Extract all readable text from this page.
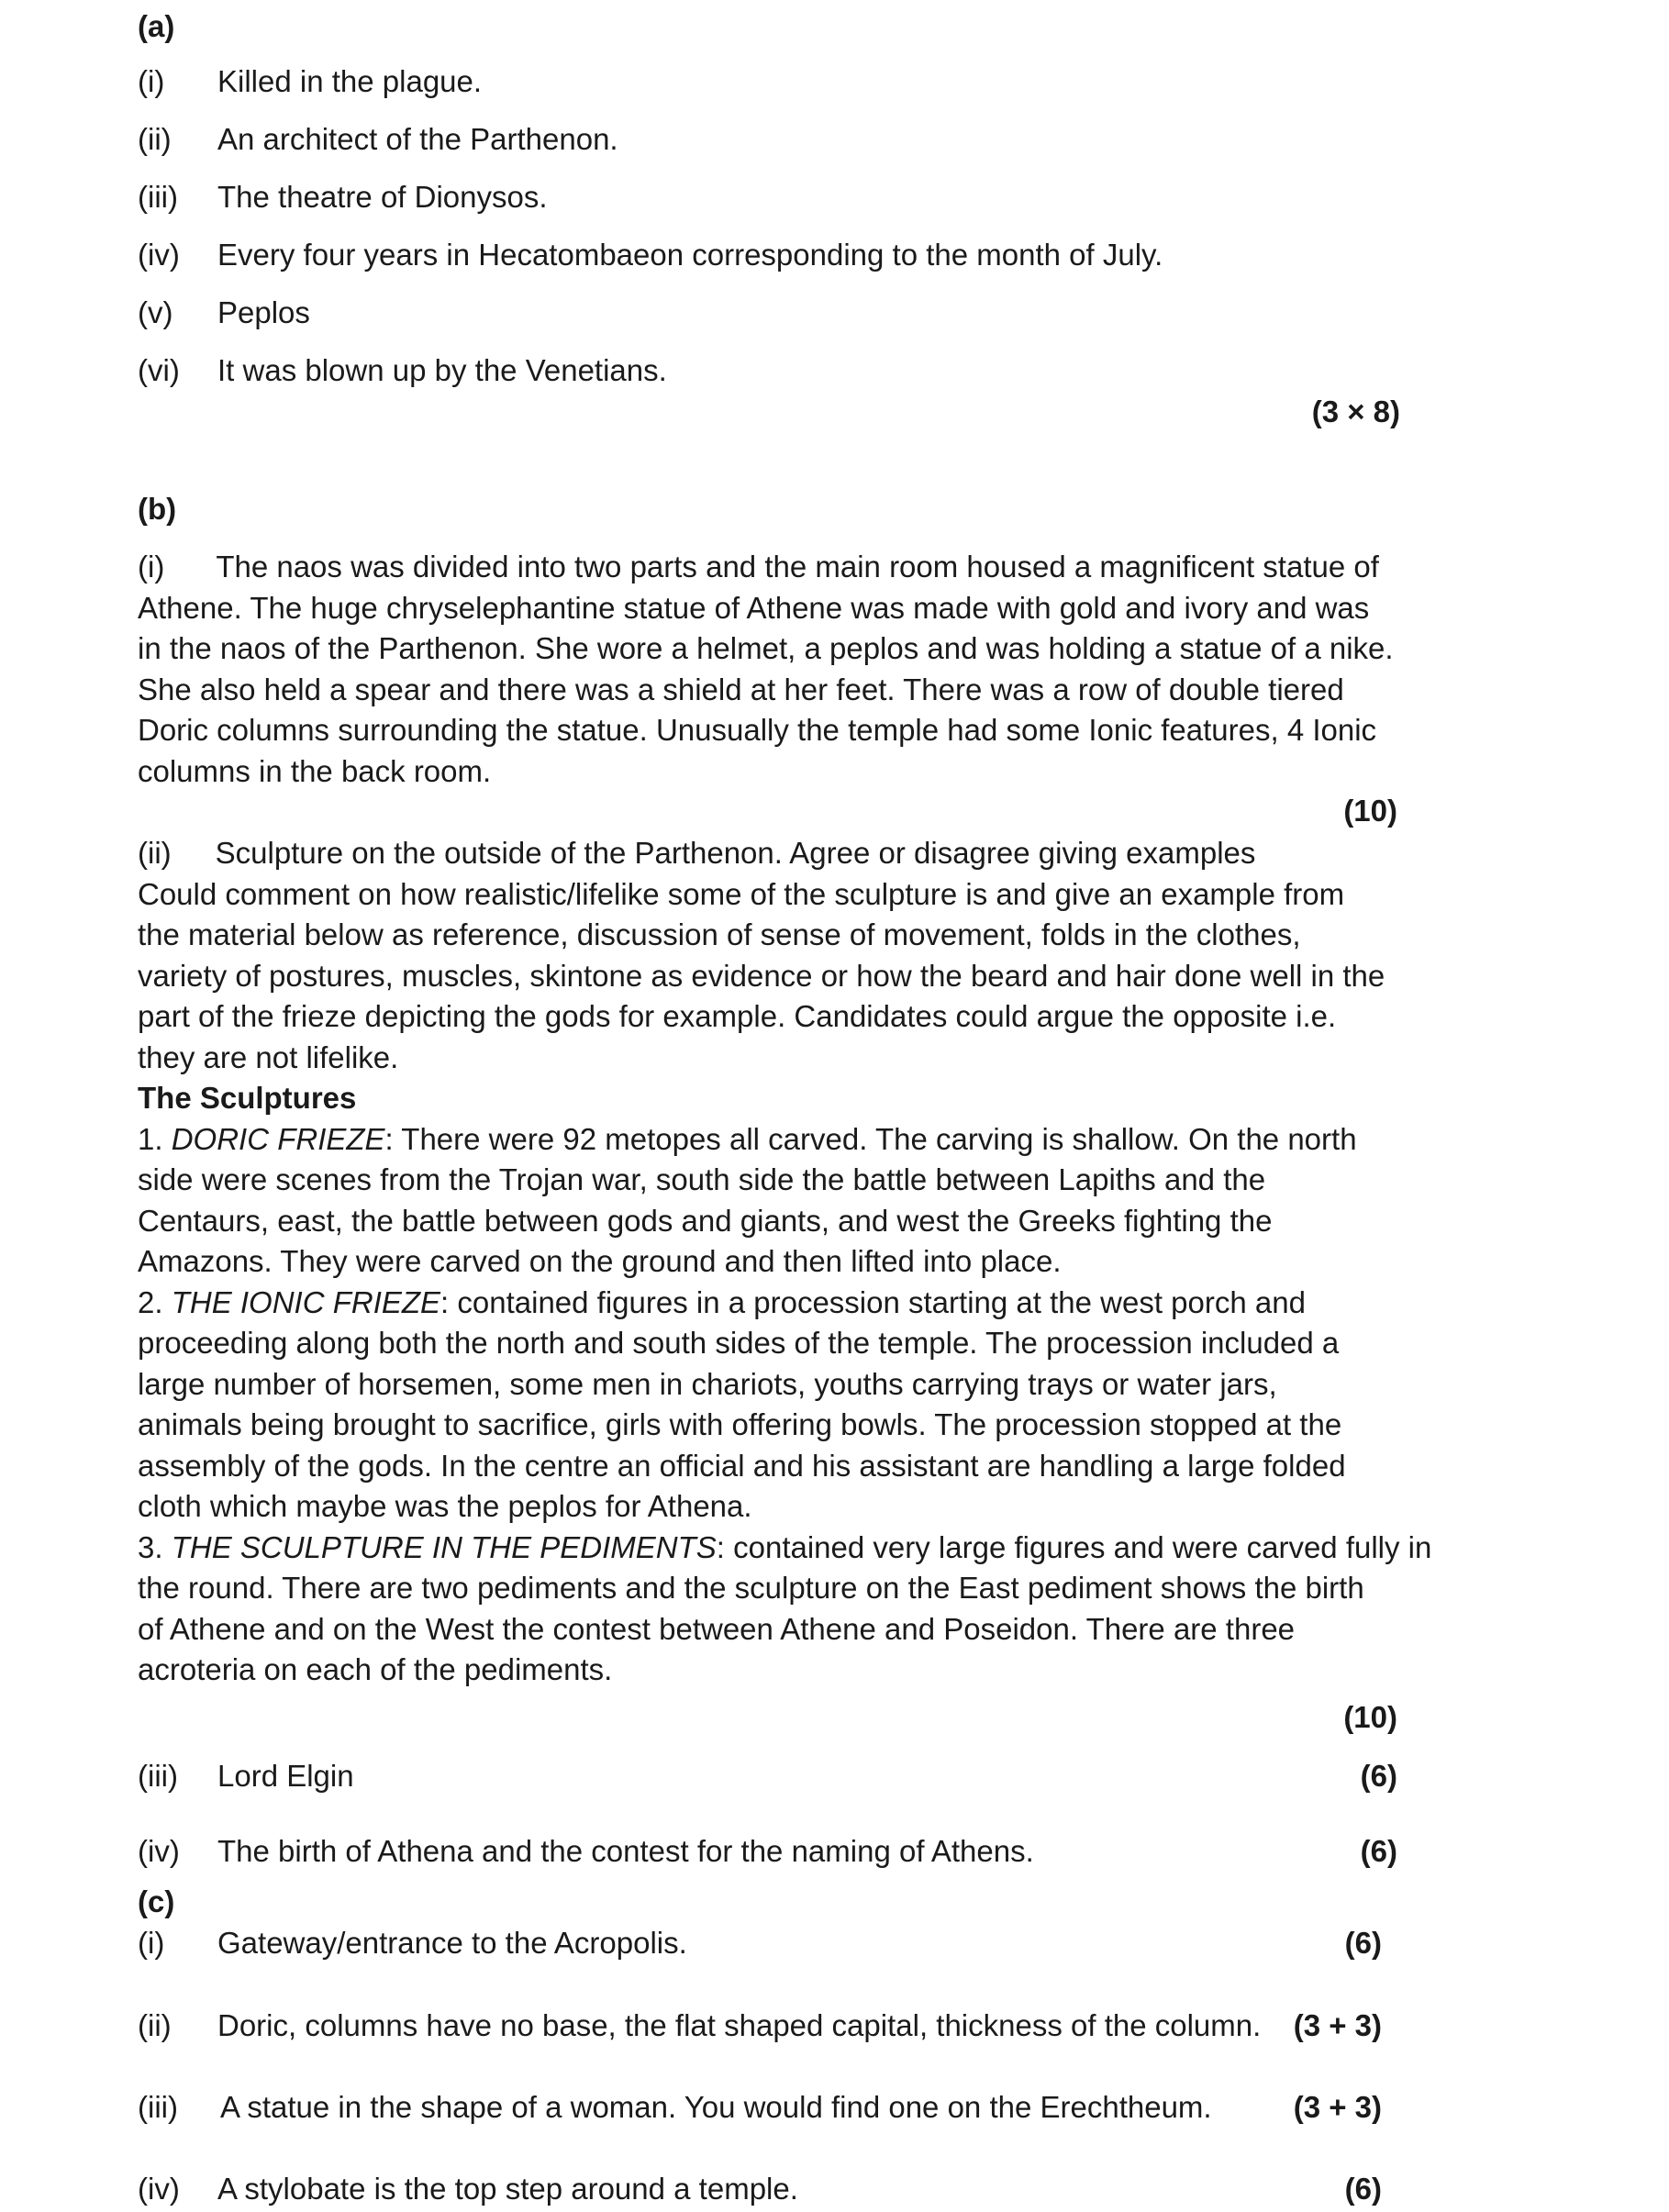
(a)
(i) Killed in the plague.
(ii) An architect of the Parthenon.
(iii) The theatre of Dionysos.
(iv) Every four years in Hecatombaeon corresponding to the month of July.
(v) Peplos
(vi) It was blown up by the Venetians.
(3 × 8)
(b)
(i) The naos was divided into two parts and the main room housed a magnificent statue of
Athene. The huge chryselephantine statue of Athene was made with gold and ivory and was
in the naos of the Parthenon. She wore a helmet, a peplos and was holding a statue of a nike.
She also held a spear and there was a shield at her feet. There was a row of double tiered
Doric columns surrounding the statue. Unusually the temple had some Ionic features, 4 Ionic
columns in the back room.
(10)
(ii) Sculpture on the outside of the Parthenon. Agree or disagree giving examples
Could comment on how realistic/lifelike some of the sculpture is and give an example from
the material below as reference, discussion of sense of movement, folds in the clothes,
variety of postures, muscles, skintone as evidence or how the beard and hair done well in the
part of the frieze depicting the gods for example. Candidates could argue the opposite i.e.
they are not lifelike.
The Sculptures
1. DORIC FRIEZE: There were 92 metopes all carved. The carving is shallow. On the north
side were scenes from the Trojan war, south side the battle between Lapiths and the
Centaurs, east, the battle between gods and giants, and west the Greeks fighting the
Amazons. They were carved on the ground and then lifted into place.
2. THE IONIC FRIEZE: contained figures in a procession starting at the west porch and
proceeding along both the north and south sides of the temple. The procession included a
large number of horsemen, some men in chariots, youths carrying trays or water jars,
animals being brought to sacrifice, girls with offering bowls. The procession stopped at the
assembly of the gods. In the centre an official and his assistant are handling a large folded
cloth which maybe was the peplos for Athena.
3. THE SCULPTURE IN THE PEDIMENTS: contained very large figures and were carved fully in
the round. There are two pediments and the sculpture on the East pediment shows the birth
of Athene and on the West the contest between Athene and Poseidon. There are three
acroteria on each of the pediments.
(10)
(iii) Lord Elgin	(6)
(iv) The birth of Athena and the contest for the naming of Athens.	(6)
(c)
(i) Gateway/entrance to the Acropolis.	(6)
(ii) Doric, columns have no base, the flat shaped capital, thickness of the column. (3 + 3)
(iii) A statue in the shape of a woman. You would find one on the Erechtheum.	(3 + 3)
(iv) A stylobate is the top step around a temple.	(6)
